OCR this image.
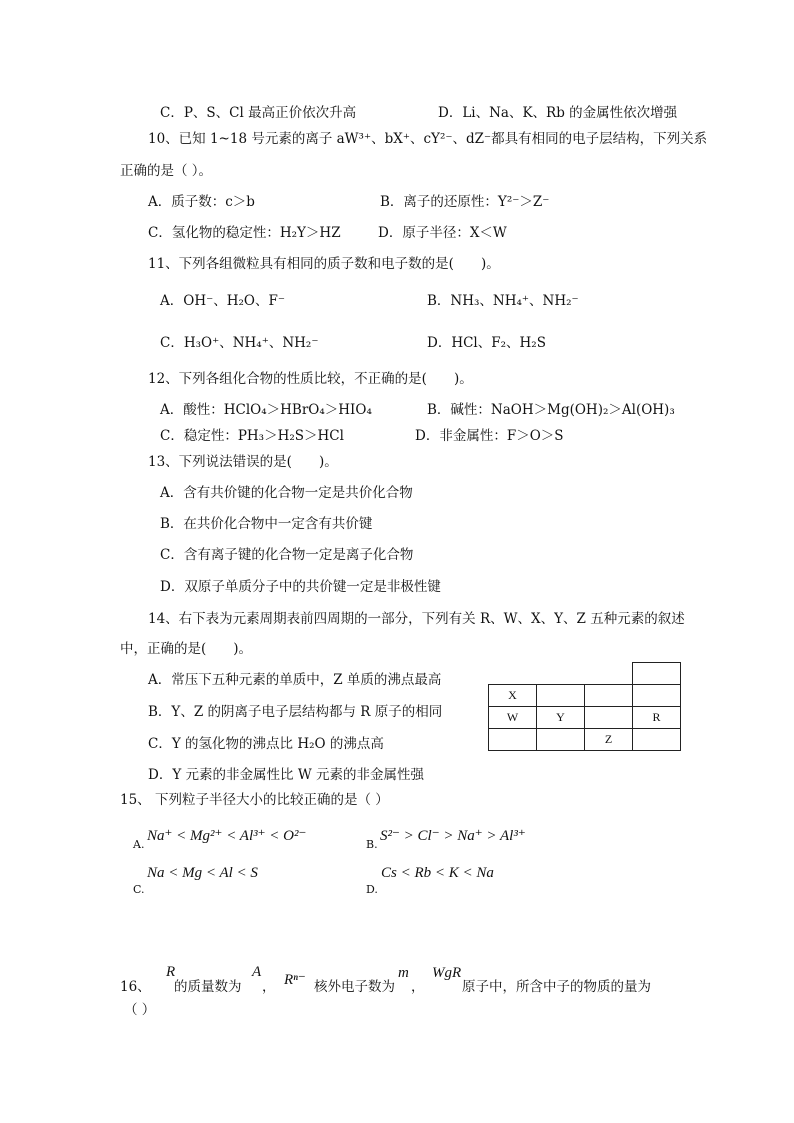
C．P、S、Cl 最高正价依次升高	D．Li、Na、K、Rb 的金属性依次增强
10、已知 1~18 号元素的离子 aW³⁺、bX⁺、cY²⁻、dZ⁻都具有相同的电子层结构，下列关系
正确的是（ ）。
A．质子数：c＞b	B．离子的还原性：Y²⁻＞Z⁻
C．氢化物的稳定性：H₂Y＞HZ	D．原子半径：X＜W
11、下列各组微粒具有相同的质子数和电子数的是(　　)。
A．OH⁻、H₂O、F⁻	B．NH₃、NH₄⁺、NH₂⁻
C．H₃O⁺、NH₄⁺、NH₂⁻	D．HCl、F₂、H₂S
12、下列各组化合物的性质比较，不正确的是(　　)。
A．酸性：HClO₄＞HBrO₄＞HIO₄	B．碱性：NaOH＞Mg(OH)₂＞Al(OH)₃
C．稳定性：PH₃＞H₂S＞HCl	D．非金属性：F＞O＞S
13、下列说法错误的是(　　)。
A．含有共价键的化合物一定是共价化合物
B．在共价化合物中一定含有共价键
C．含有离子键的化合物一定是离子化合物
D．双原子单质分子中的共价键一定是非极性键
14、右下表为元素周期表前四周期的一部分，下列有关 R、W、X、Y、Z 五种元素的叙述
中，正确的是(　　)。
A．常压下五种元素的单质中，Z 单质的沸点最高
B．Y、Z 的阴离子电子层结构都与 R 原子的相同
C．Y 的氢化物的沸点比 H₂O 的沸点高
D．Y 元素的非金属性比 W 元素的非金属性强

X			
W	Y		R
		Z	
15、 下列粒子半径大小的比较正确的是（ ）
A.
Na⁺ < Mg²⁺ < Al³⁺ < O²⁻
B.
S²⁻ > Cl⁻ > Na⁺ > Al³⁺
C.
Na < Mg < Al < S
D.
Cs < Rb < K < Na
16、
R
的质量数为
A
， Rⁿ⁻ 核外电子数为
m
，
WgR
原子中，所含中子的物质的量为
（ ）
